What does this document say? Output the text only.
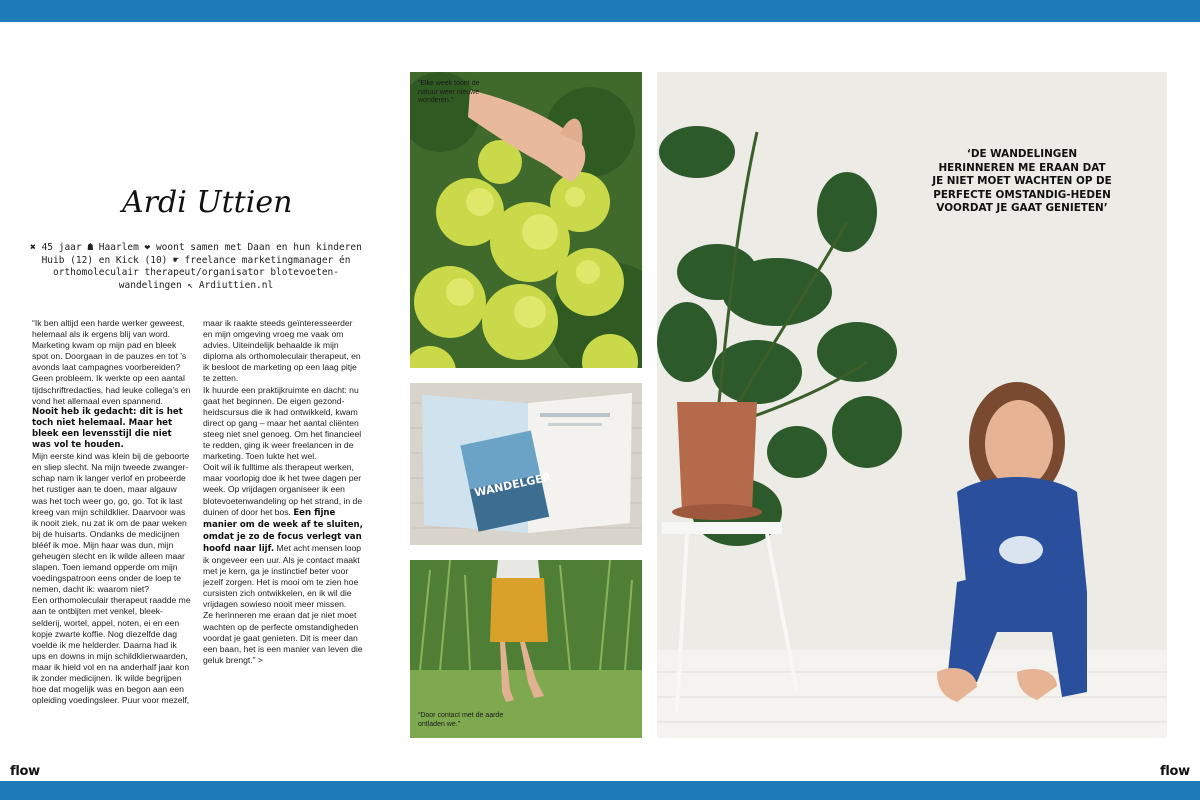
flow	flow
Ardi Uttien
✖ 45 jaar ☗ Haarlem ❤ woont samen met Daan en hun kinderen Huib (12) en Kick (10) ☛ freelance marketingmanager én orthomoleculair therapeut/organisator blotevoeten-wandelingen ↖ Ardiuttien.nl

“Ik ben altijd een harde werker geweest, helemaal als ik ergens blij van word. Marketing kwam op mijn pad en bleek spot on. Doorgaan in de pauzes en tot ’s avonds laat campagnes voorbereiden? Geen probleem. Ik werkte op een aantal tijdschriftredacties, had leuke collega’s en vond het allemaal even spannend.

Nooit heb ik gedacht: dit is het toch niet helemaal. Maar het bleek een levensstijl die niet was vol te houden.

Mijn eerste kind was klein bij de geboorte en sliep slecht. Na mijn tweede zwanger-schap nam ik langer verlof en probeerde het rustiger aan te doen, maar algauw was het toch weer go, go, go. Tot ik last kreeg van mijn schildklier. Daarvoor was ik nooit ziek, nu zat ik om de paar weken bij de huisarts. Ondanks de medicijnen blééf ik moe. Mijn haar was dun, mijn geheugen slecht en ik wilde alleen maar slapen. Toen iemand opperde om mijn voedingspatroon eens onder de loep te nemen, dacht ik: waarom niet?

Een orthomoleculair therapeut raadde me aan te ontbijten met venkel, bleek-selderij, wortel, appel, noten, ei en een kopje zwarte koffie. Nog diezelfde dag voelde ik me helderder. Daarna had ik ups en downs in mijn schildklierwaarden, maar ik hield vol en na anderhalf jaar kon ik zonder medicijnen. Ik wilde begrijpen hoe dat mogelijk was en begon aan een opleiding voedingsleer. Puur voor mezelf,

maar ik raakte steeds geïnteresseerder en mijn omgeving vroeg me vaak om advies. Uiteindelijk behaalde ik mijn diploma als orthomoleculair therapeut, en ik besloot de marketing op een laag pitje te zetten.

Ik huurde een praktijkruimte en dacht: nu gaat het beginnen. De eigen gezond-heidscursus die ik had ontwikkeld, kwam direct op gang – maar het aantal cliënten steeg niet snel genoeg. Om het financieel te redden, ging ik weer freelancen in de marketing. Toen lukte het wel.

Ooit wil ik fulltime als therapeut werken, maar voorlopig doe ik het twee dagen per week. Op vrijdagen organiseer ik een blotevoetenwandeling op het strand, in de duinen of door het bos. Een fijne manier om de week af te sluiten, omdat je zo de focus verlegt van hoofd naar lijf. Met acht mensen loop ik ongeveer een uur. Als je contact maakt met je kern, ga je instinctief beter voor jezelf zorgen. Het is mooi om te zien hoe cursisten zich ontwikkelen, en ik wil die vrijdagen sowieso nooit meer missen.

Ze herinneren me eraan dat je niet moet wachten op de perfecte omstandigheden voordat je gaat genieten. Dit is meer dan een baan, het is een manier van leven die geluk brengt.” >

“Elke week toont de natuur weer nieuwe wonderen.”
WANDELGER
“Door contact met de aarde ontladen we.”
‘DE WANDELINGEN HERINNEREN ME ERAAN DAT JE NIET MOET WACHTEN OP DE PERFECTE OMSTANDIG-HEDEN VOORDAT JE GAAT GENIETEN’
